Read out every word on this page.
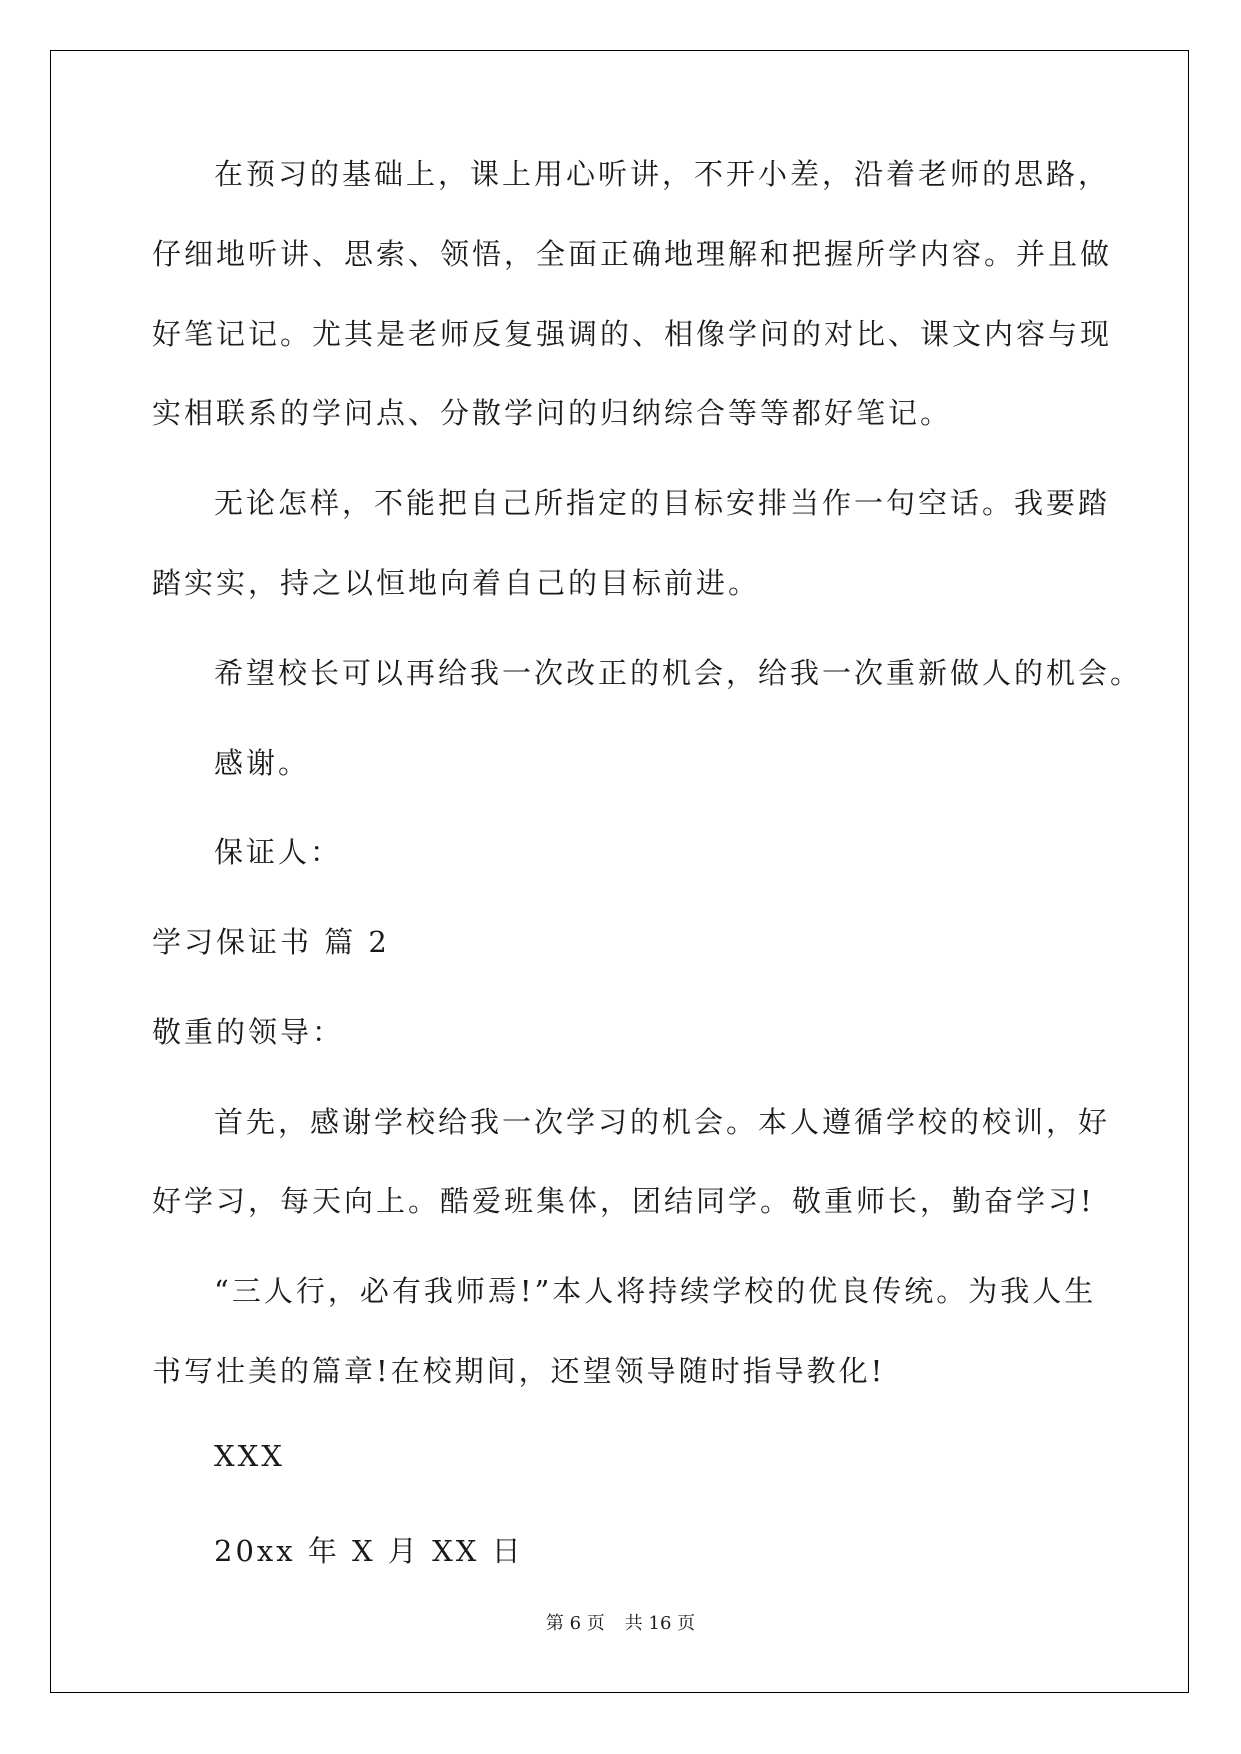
在预习的基础上，课上用心听讲，不开小差，沿着老师的思路，
仔细地听讲、思索、领悟，全面正确地理解和把握所学内容。并且做
好笔记记。尤其是老师反复强调的、相像学问的对比、课文内容与现
实相联系的学问点、分散学问的归纳综合等等都好笔记。
无论怎样，不能把自己所指定的目标安排当作一句空话。我要踏
踏实实，持之以恒地向着自己的目标前进。
希望校长可以再给我一次改正的机会，给我一次重新做人的机会。
感谢。
保证人：
学习保证书 篇 2
敬重的领导：
首先，感谢学校给我一次学习的机会。本人遵循学校的校训，好
好学习，每天向上。酷爱班集体，团结同学。敬重师长，勤奋学习!
“三人行，必有我师焉!”本人将持续学校的优良传统。为我人生
书写壮美的篇章!在校期间，还望领导随时指导教化!
XXX
20xx 年 X 月 XX 日
第 6 页 共 16 页
